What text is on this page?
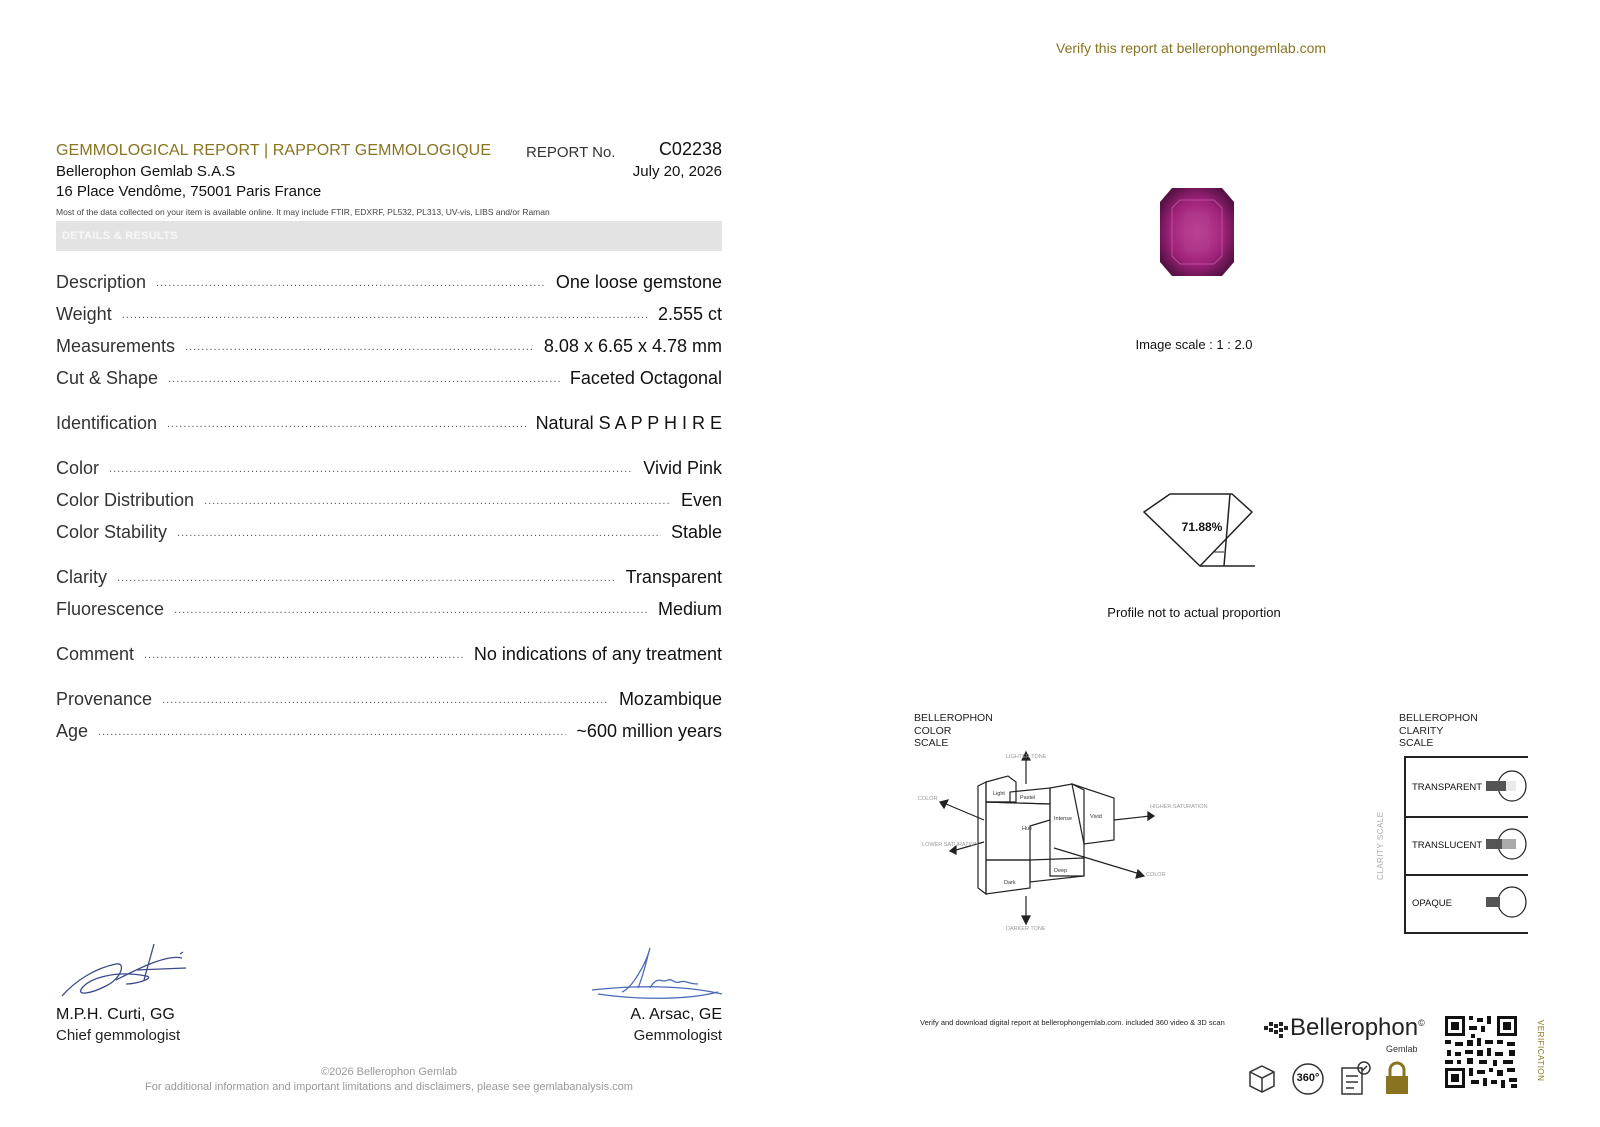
GEMMOLOGICAL REPORT | RAPPORT GEMMOLOGIQUE
Bellerophon Gemlab S.A.S
16 Place Vendôme, 75001 Paris France
REPORT No.	C02238
July 20, 2026
Most of the data collected on your item is available online. It may include FTIR, EDXRF, PL532, PL313, UV-vis, LIBS and/or Raman
DETAILS & RESULTS
Description .....	One loose gemstone
Weight .....	2.555 ct
Measurements .....	8.08 x 6.65 x 4.78 mm
Cut & Shape .....	Faceted Octagonal
Identification .....	Natural S A P P H I R E
Color .....	Vivid Pink
Color Distribution .....	Even
Color Stability .....	Stable
Clarity .....	Transparent
Fluorescence .....	Medium
Comment .....	No indications of any treatment
Provenance .....	Mozambique
Age .....	~600 million years
M.P.H. Curti, GG
Chief gemmologist
A. Arsac, GE
Gemmologist
©2026 Bellerophon Gemlab
For additional information and important limitations and disclaimers, please see gemlabanalysis.com
Verify this report at bellerophongemlab.com
Image scale : 1 : 2.0
71.88%
Profile not to actual proportion
BELLEROPHON
COLOR
SCALE
LIGHTER TONE
DARKER TONE
COLOR
LOWER SATURATION
HIGHER SATURATION
COLOR
Light
Pastel
Hue
Intense	Vivid
Deep
Dark
BELLEROPHON
CLARITY
SCALE
CLARITY SCALE
TRANSPARENT
TRANSLUCENT
OPAQUE
Verify and download digital report at bellerophongemlab.com. included 360 video & 3D scan	Bellerophon©
Gemlab
360°	VERIFICATION
